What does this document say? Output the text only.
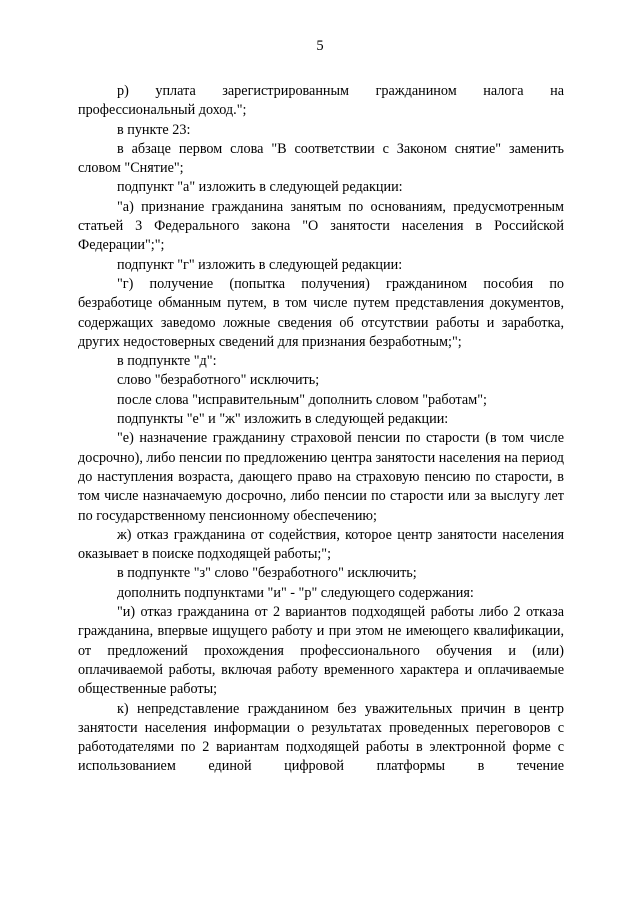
5

р) уплата зарегистрированным гражданином налога на профессиональный доход.";

в пункте 23:

в абзаце первом слова "В соответствии с Законом снятие" заменить словом "Снятие";

подпункт "а" изложить в следующей редакции:

"а) признание гражданина занятым по основаниям, предусмотренным статьей 3 Федерального закона "О занятости населения в Российской Федерации";";

подпункт "г" изложить в следующей редакции:

"г) получение (попытка получения) гражданином пособия по безработице обманным путем, в том числе путем представления документов, содержащих заведомо ложные сведения об отсутствии работы и заработка, других недостоверных сведений для признания безработным;";

в подпункте "д":

слово "безработного" исключить;

после слова "исправительным" дополнить словом "работам";

подпункты "е" и "ж" изложить в следующей редакции:

"е) назначение гражданину страховой пенсии по старости (в том числе досрочно), либо пенсии по предложению центра занятости населения на период до наступления возраста, дающего право на страховую пенсию по старости, в том числе назначаемую досрочно, либо пенсии по старости или за выслугу лет по государственному пенсионному обеспечению;

ж) отказ гражданина от содействия, которое центр занятости населения оказывает в поиске подходящей работы;";

в подпункте "з" слово "безработного" исключить;

дополнить подпунктами "и" - "р" следующего содержания:

"и) отказ гражданина от 2 вариантов подходящей работы либо 2 отказа гражданина, впервые ищущего работу и при этом не имеющего квалификации, от предложений прохождения профессионального обучения и (или) оплачиваемой работы, включая работу временного характера и оплачиваемые общественные работы;

к) непредставление гражданином без уважительных причин в центр занятости населения информации о результатах проведенных переговоров с работодателями по 2 вариантам подходящей работы в электронной форме с использованием единой цифровой платформы в течение
